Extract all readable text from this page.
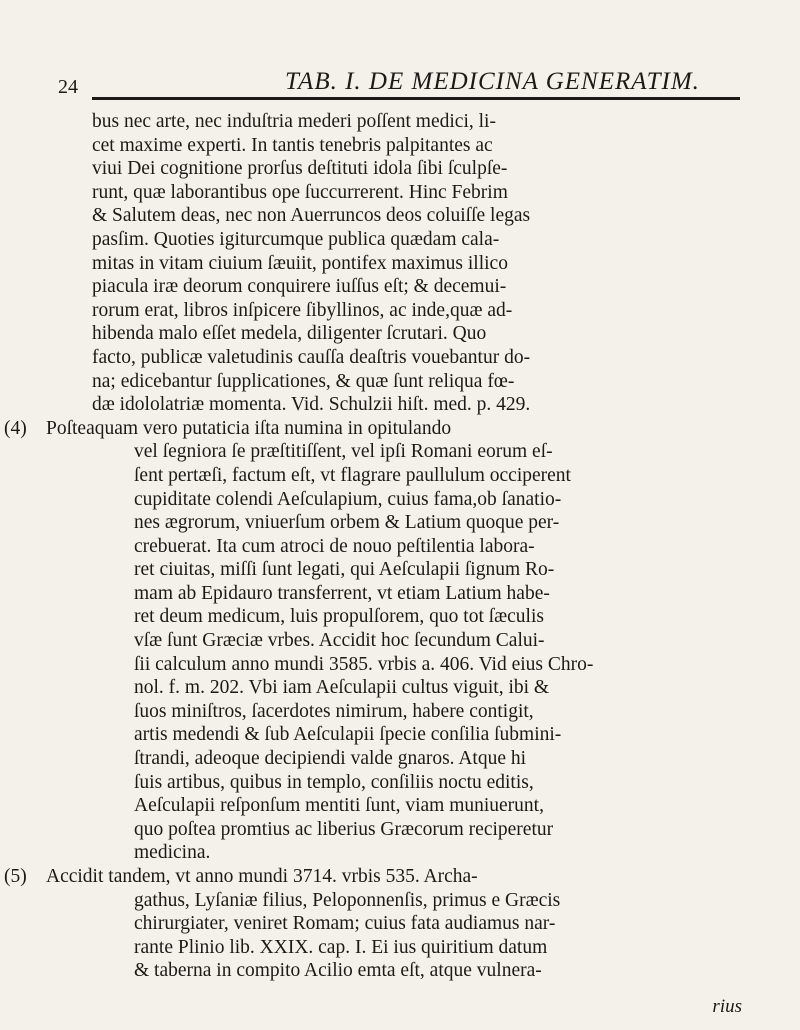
24	TAB. I. DE MEDICINA GENERATIM.
bus nec arte, nec induſtria mederi poſſent medici, li-
cet maxime experti. In tantis tenebris palpitantes ac
viui Dei cognitione prorſus deſtituti idola ſibi ſculpſe-
runt, quæ laborantibus ope ſuccurrerent. Hinc Febrim
& Salutem deas, nec non Auerruncos deos coluiſſe legas
pasſim. Quoties igiturcumque publica quædam cala-
mitas in vitam ciuium ſæuiit, pontifex maximus illico
piacula iræ deorum conquirere iuſſus eſt; & decemui-
rorum erat, libros inſpicere ſibyllinos, ac inde,quæ ad-
hibenda malo eſſet medela, diligenter ſcrutari. Quo
facto, publicæ valetudinis cauſſa deaſtris vouebantur do-
na; edicebantur ſupplicationes, & quæ ſunt reliqua fœ-
dæ idololatriæ momenta. Vid. Schulzii hiſt. med. p. 429.
(4) Poſteaquam vero putaticia iſta numina in opitulando
vel ſegniora ſe præſtitiſſent, vel ipſi Romani eorum eſ-
ſent pertæſi, factum eſt, vt flagrare paullulum occiperent
cupiditate colendi Aeſculapium, cuius fama,ob ſanatio-
nes ægrorum, vniuerſum orbem & Latium quoque per-
crebuerat. Ita cum atroci de nouo peſtilentia labora-
ret ciuitas, miſſi ſunt legati, qui Aeſculapii ſignum Ro-
mam ab Epidauro transferrent, vt etiam Latium habe-
ret deum medicum, luis propulſorem, quo tot ſæculis
vſæ ſunt Græciæ vrbes. Accidit hoc ſecundum Calui-
ſii calculum anno mundi 3585. vrbis a. 406. Vid eius Chro-
nol. f. m. 202. Vbi iam Aeſculapii cultus viguit, ibi &
ſuos miniſtros, ſacerdotes nimirum, habere contigit,
artis medendi & ſub Aeſculapii ſpecie conſilia ſubmini-
ſtrandi, adeoque decipiendi valde gnaros. Atque hi
ſuis artibus, quibus in templo, conſiliis noctu editis,
Aeſculapii reſponſum mentiti ſunt, viam muniuerunt,
quo poſtea promtius ac liberius Græcorum reciperetur
medicina.
(5) Accidit tandem, vt anno mundi 3714. vrbis 535. Archa-
gathus, Lyſaniæ filius, Peloponnenſis, primus e Græcis
chirurgiater, veniret Romam; cuius fata audiamus nar-
rante Plinio lib. XXIX. cap. I. Ei ius quiritium datum
& taberna in compito Acilio emta eſt, atque vulnera-
rius
